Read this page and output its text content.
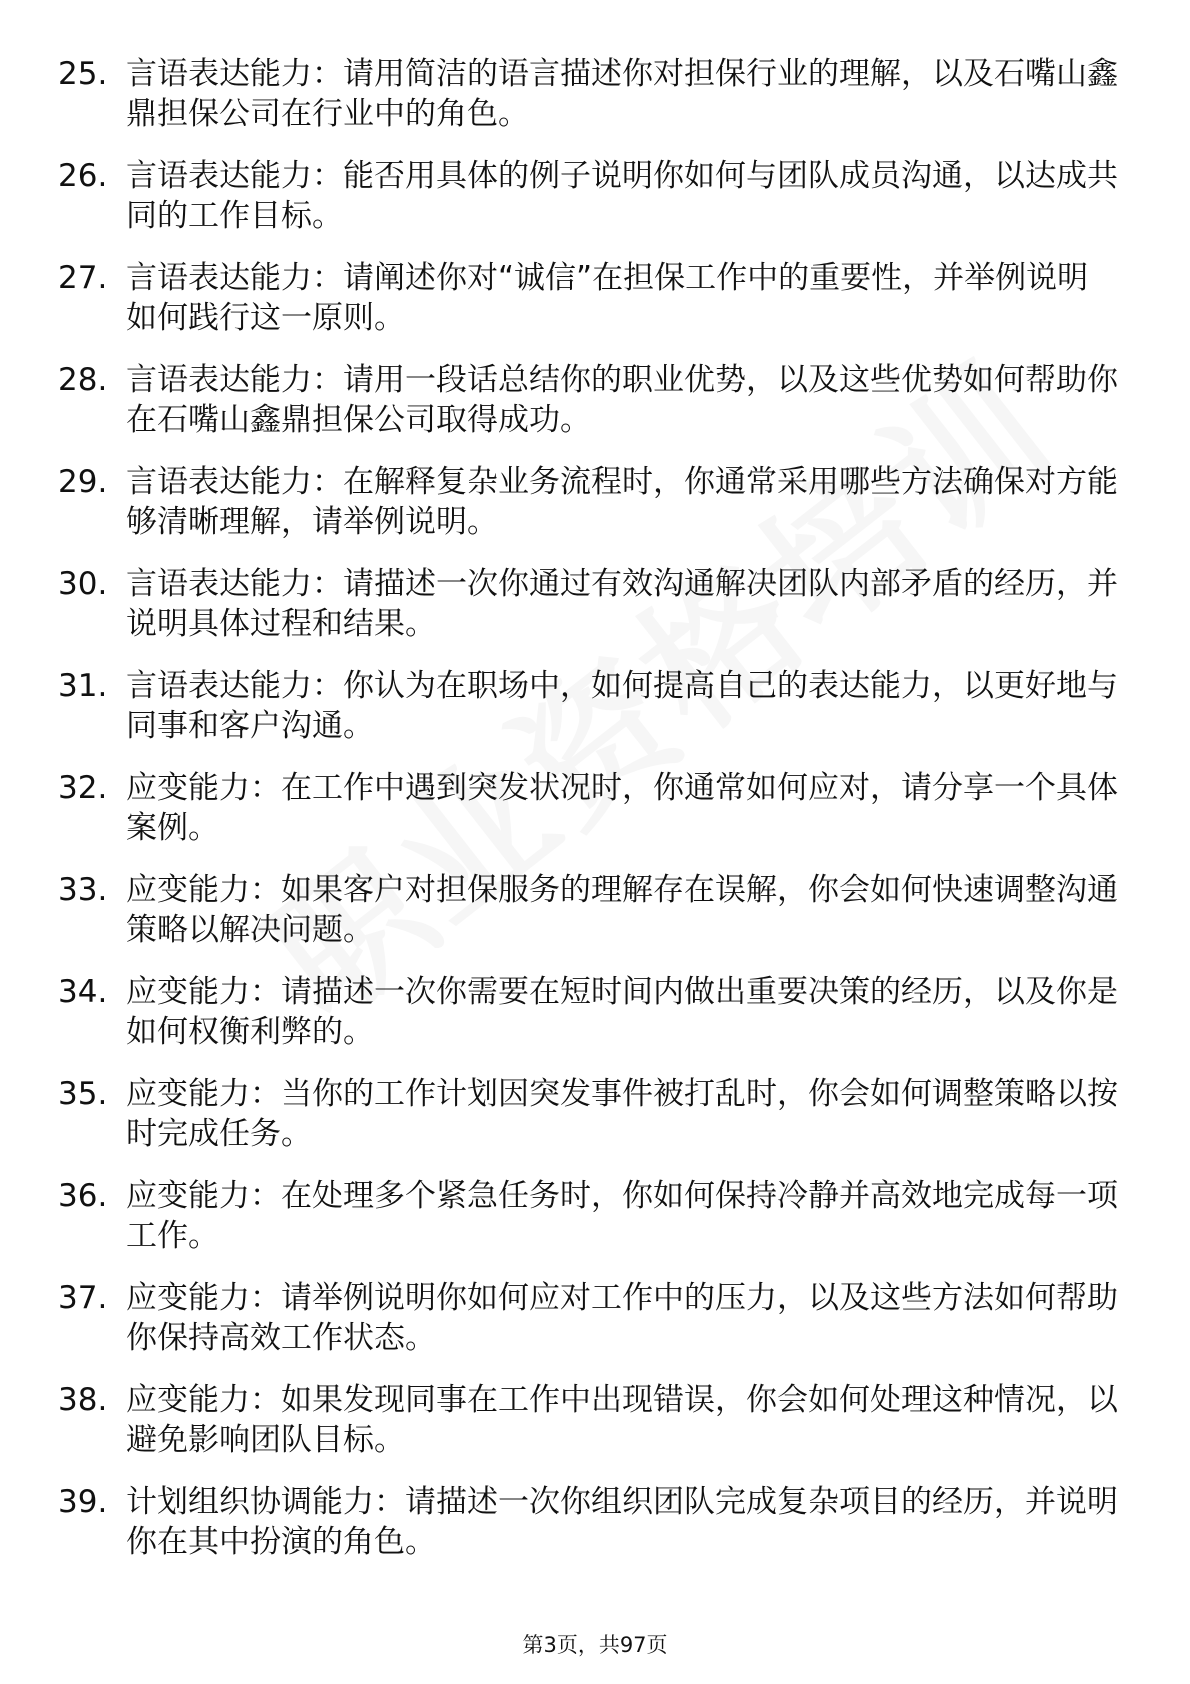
25. 言语表达能力：请用简洁的语言描述你对担保行业的理解，以及石嘴山鑫鼎担保公司在行业中的角色。
26. 言语表达能力：能否用具体的例子说明你如何与团队成员沟通，以达成共同的工作目标。
27. 言语表达能力：请阐述你对“诚信”在担保工作中的重要性，并举例说明如何践行这一原则。
28. 言语表达能力：请用一段话总结你的职业优势，以及这些优势如何帮助你在石嘴山鑫鼎担保公司取得成功。
29. 言语表达能力：在解释复杂业务流程时，你通常采用哪些方法确保对方能够清晰理解，请举例说明。
30. 言语表达能力：请描述一次你通过有效沟通解决团队内部矛盾的经历，并说明具体过程和结果。
31. 言语表达能力：你认为在职场中，如何提高自己的表达能力，以更好地与同事和客户沟通。
32. 应变能力：在工作中遇到突发状况时，你通常如何应对，请分享一个具体案例。
33. 应变能力：如果客户对担保服务的理解存在误解，你会如何快速调整沟通策略以解决问题。
34. 应变能力：请描述一次你需要在短时间内做出重要决策的经历，以及你是如何权衡利弊的。
35. 应变能力：当你的工作计划因突发事件被打乱时，你会如何调整策略以按时完成任务。
36. 应变能力：在处理多个紧急任务时，你如何保持冷静并高效地完成每一项工作。
37. 应变能力：请举例说明你如何应对工作中的压力，以及这些方法如何帮助你保持高效工作状态。
38. 应变能力：如果发现同事在工作中出现错误，你会如何处理这种情况，以避免影响团队目标。
39. 计划组织协调能力：请描述一次你组织团队完成复杂项目的经历，并说明你在其中扮演的角色。
第3页，共97页
